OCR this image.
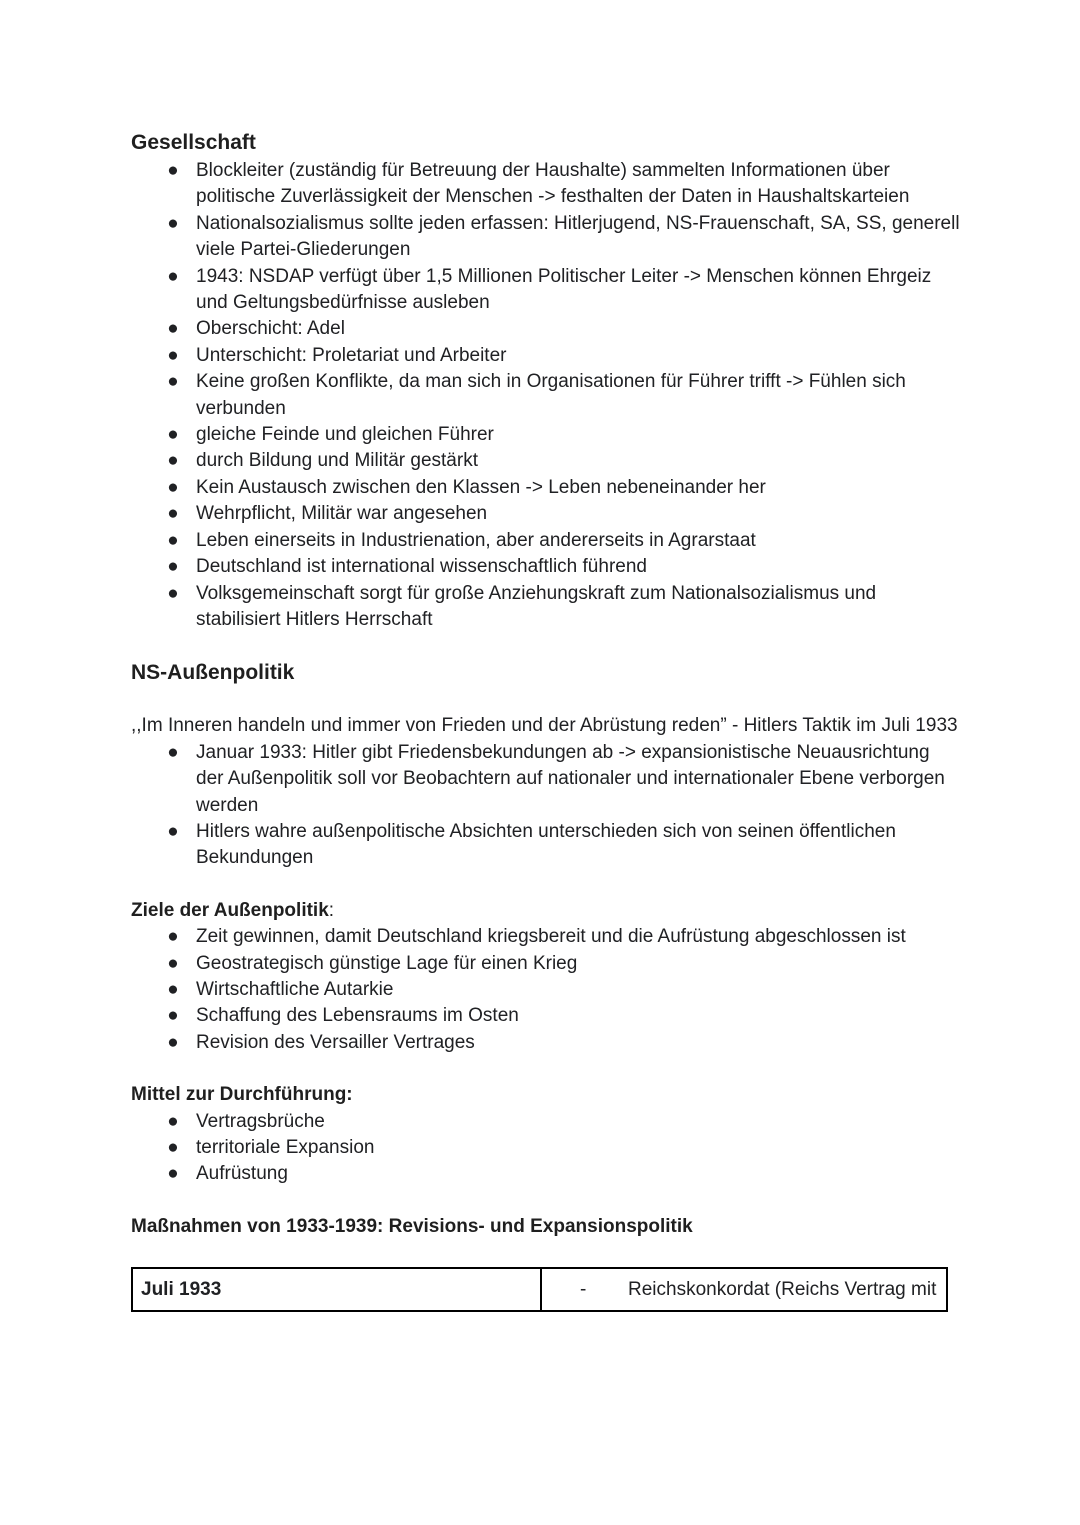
Gesellschaft
● Blockleiter (zuständig für Betreuung der Haushalte) sammelten Informationen über politische Zuverlässigkeit der Menschen -> festhalten der Daten in Haushaltskarteien
● Nationalsozialismus sollte jeden erfassen: Hitlerjugend, NS-Frauenschaft, SA, SS, generell viele Partei-Gliederungen
● 1943: NSDAP verfügt über 1,5 Millionen Politischer Leiter -> Menschen können Ehrgeiz und Geltungsbedürfnisse ausleben
● Oberschicht: Adel
● Unterschicht: Proletariat und Arbeiter
● Keine großen Konflikte, da man sich in Organisationen für Führer trifft -> Fühlen sich verbunden
● gleiche Feinde und gleichen Führer
● durch Bildung und Militär gestärkt
● Kein Austausch zwischen den Klassen -> Leben nebeneinander her
● Wehrpflicht, Militär war angesehen
● Leben einerseits in Industrienation, aber andererseits in Agrarstaat
● Deutschland ist international wissenschaftlich führend
● Volksgemeinschaft sorgt für große Anziehungskraft zum Nationalsozialismus und stabilisiert Hitlers Herrschaft
NS-Außenpolitik

,,Im Inneren handeln und immer von Frieden und der Abrüstung reden” - Hitlers Taktik im Juli 1933

● Januar 1933: Hitler gibt Friedensbekundungen ab -> expansionistische Neuausrichtung der Außenpolitik soll vor Beobachtern auf nationaler und internationaler Ebene verborgen werden
● Hitlers wahre außenpolitische Absichten unterschieden sich von seinen öffentlichen Bekundungen
Ziele der Außenpolitik:
● Zeit gewinnen, damit Deutschland kriegsbereit und die Aufrüstung abgeschlossen ist
● Geostrategisch günstige Lage für einen Krieg
● Wirtschaftliche Autarkie
● Schaffung des Lebensraums im Osten
● Revision des Versailler Vertrages
Mittel zur Durchführung:
● Vertragsbrüche
● territoriale Expansion
● Aufrüstung
Maßnahmen von 1933-1939: Revisions- und Expansionspolitik
Juli 1933	- Reichskonkordat (Reichs Vertrag mit
